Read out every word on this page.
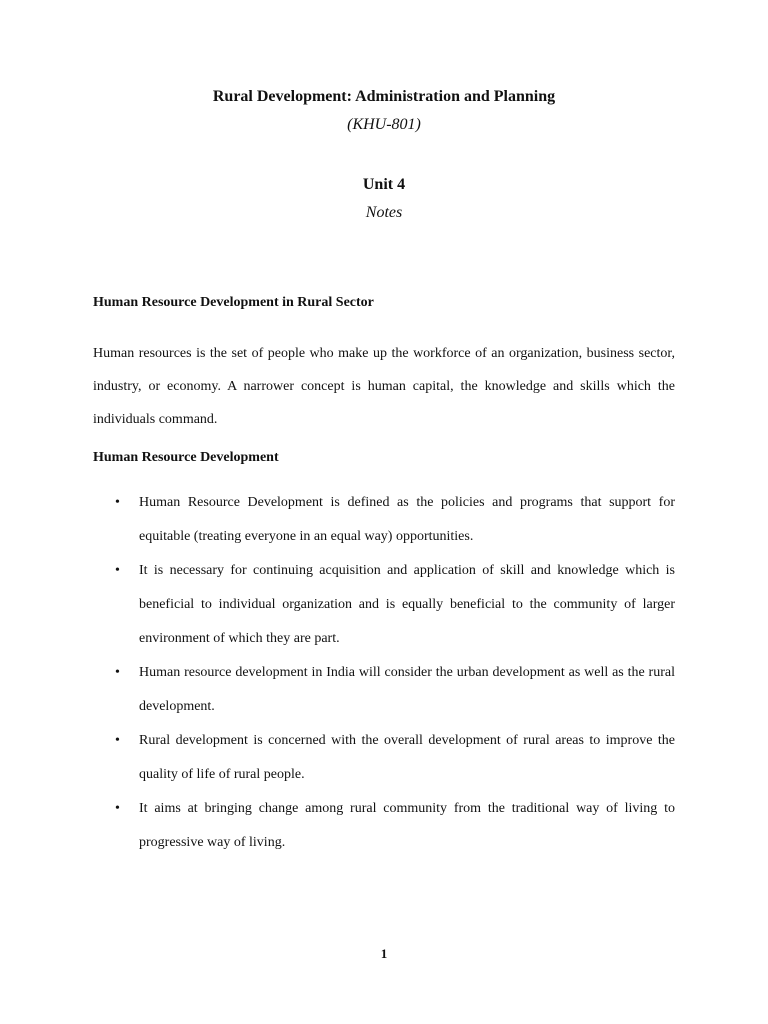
Rural Development: Administration and Planning
(KHU-801)
Unit 4
Notes
Human Resource Development in Rural Sector

Human resources is the set of people who make up the workforce of an organization, business sector, industry, or economy. A narrower concept is human capital, the knowledge and skills which the individuals command.

Human Resource Development
• Human Resource Development is defined as the policies and programs that support for equitable (treating everyone in an equal way) opportunities.
• It is necessary for continuing acquisition and application of skill and knowledge which is beneficial to individual organization and is equally beneficial to the community of larger environment of which they are part.
• Human resource development in India will consider the urban development as well as the rural development.
• Rural development is concerned with the overall development of rural areas to improve the quality of life of rural people.
• It aims at bringing change among rural community from the traditional way of living to progressive way of living.
1
